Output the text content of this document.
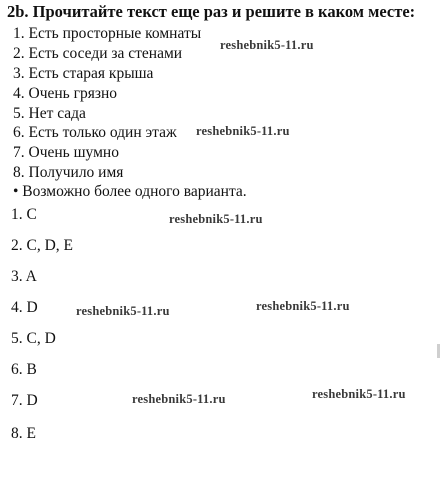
2b. Прочитайте текст еще раз и решите в каком месте:
1. Есть просторные комнаты
2. Есть соседи за стенами
3. Есть старая крыша
4. Очень грязно
5. Нет сада
6. Есть только один этаж
7. Очень шумно
8. Получило имя
• Возможно более одного варианта.
1. C
2. C, D, E
3. A
4. D
5. C, D
6. B
7. D
8. E
reshebnik5-11.ru
reshebnik5-11.ru
reshebnik5-11.ru
reshebnik5-11.ru	reshebnik5-11.ru
reshebnik5-11.ru	reshebnik5-11.ru
